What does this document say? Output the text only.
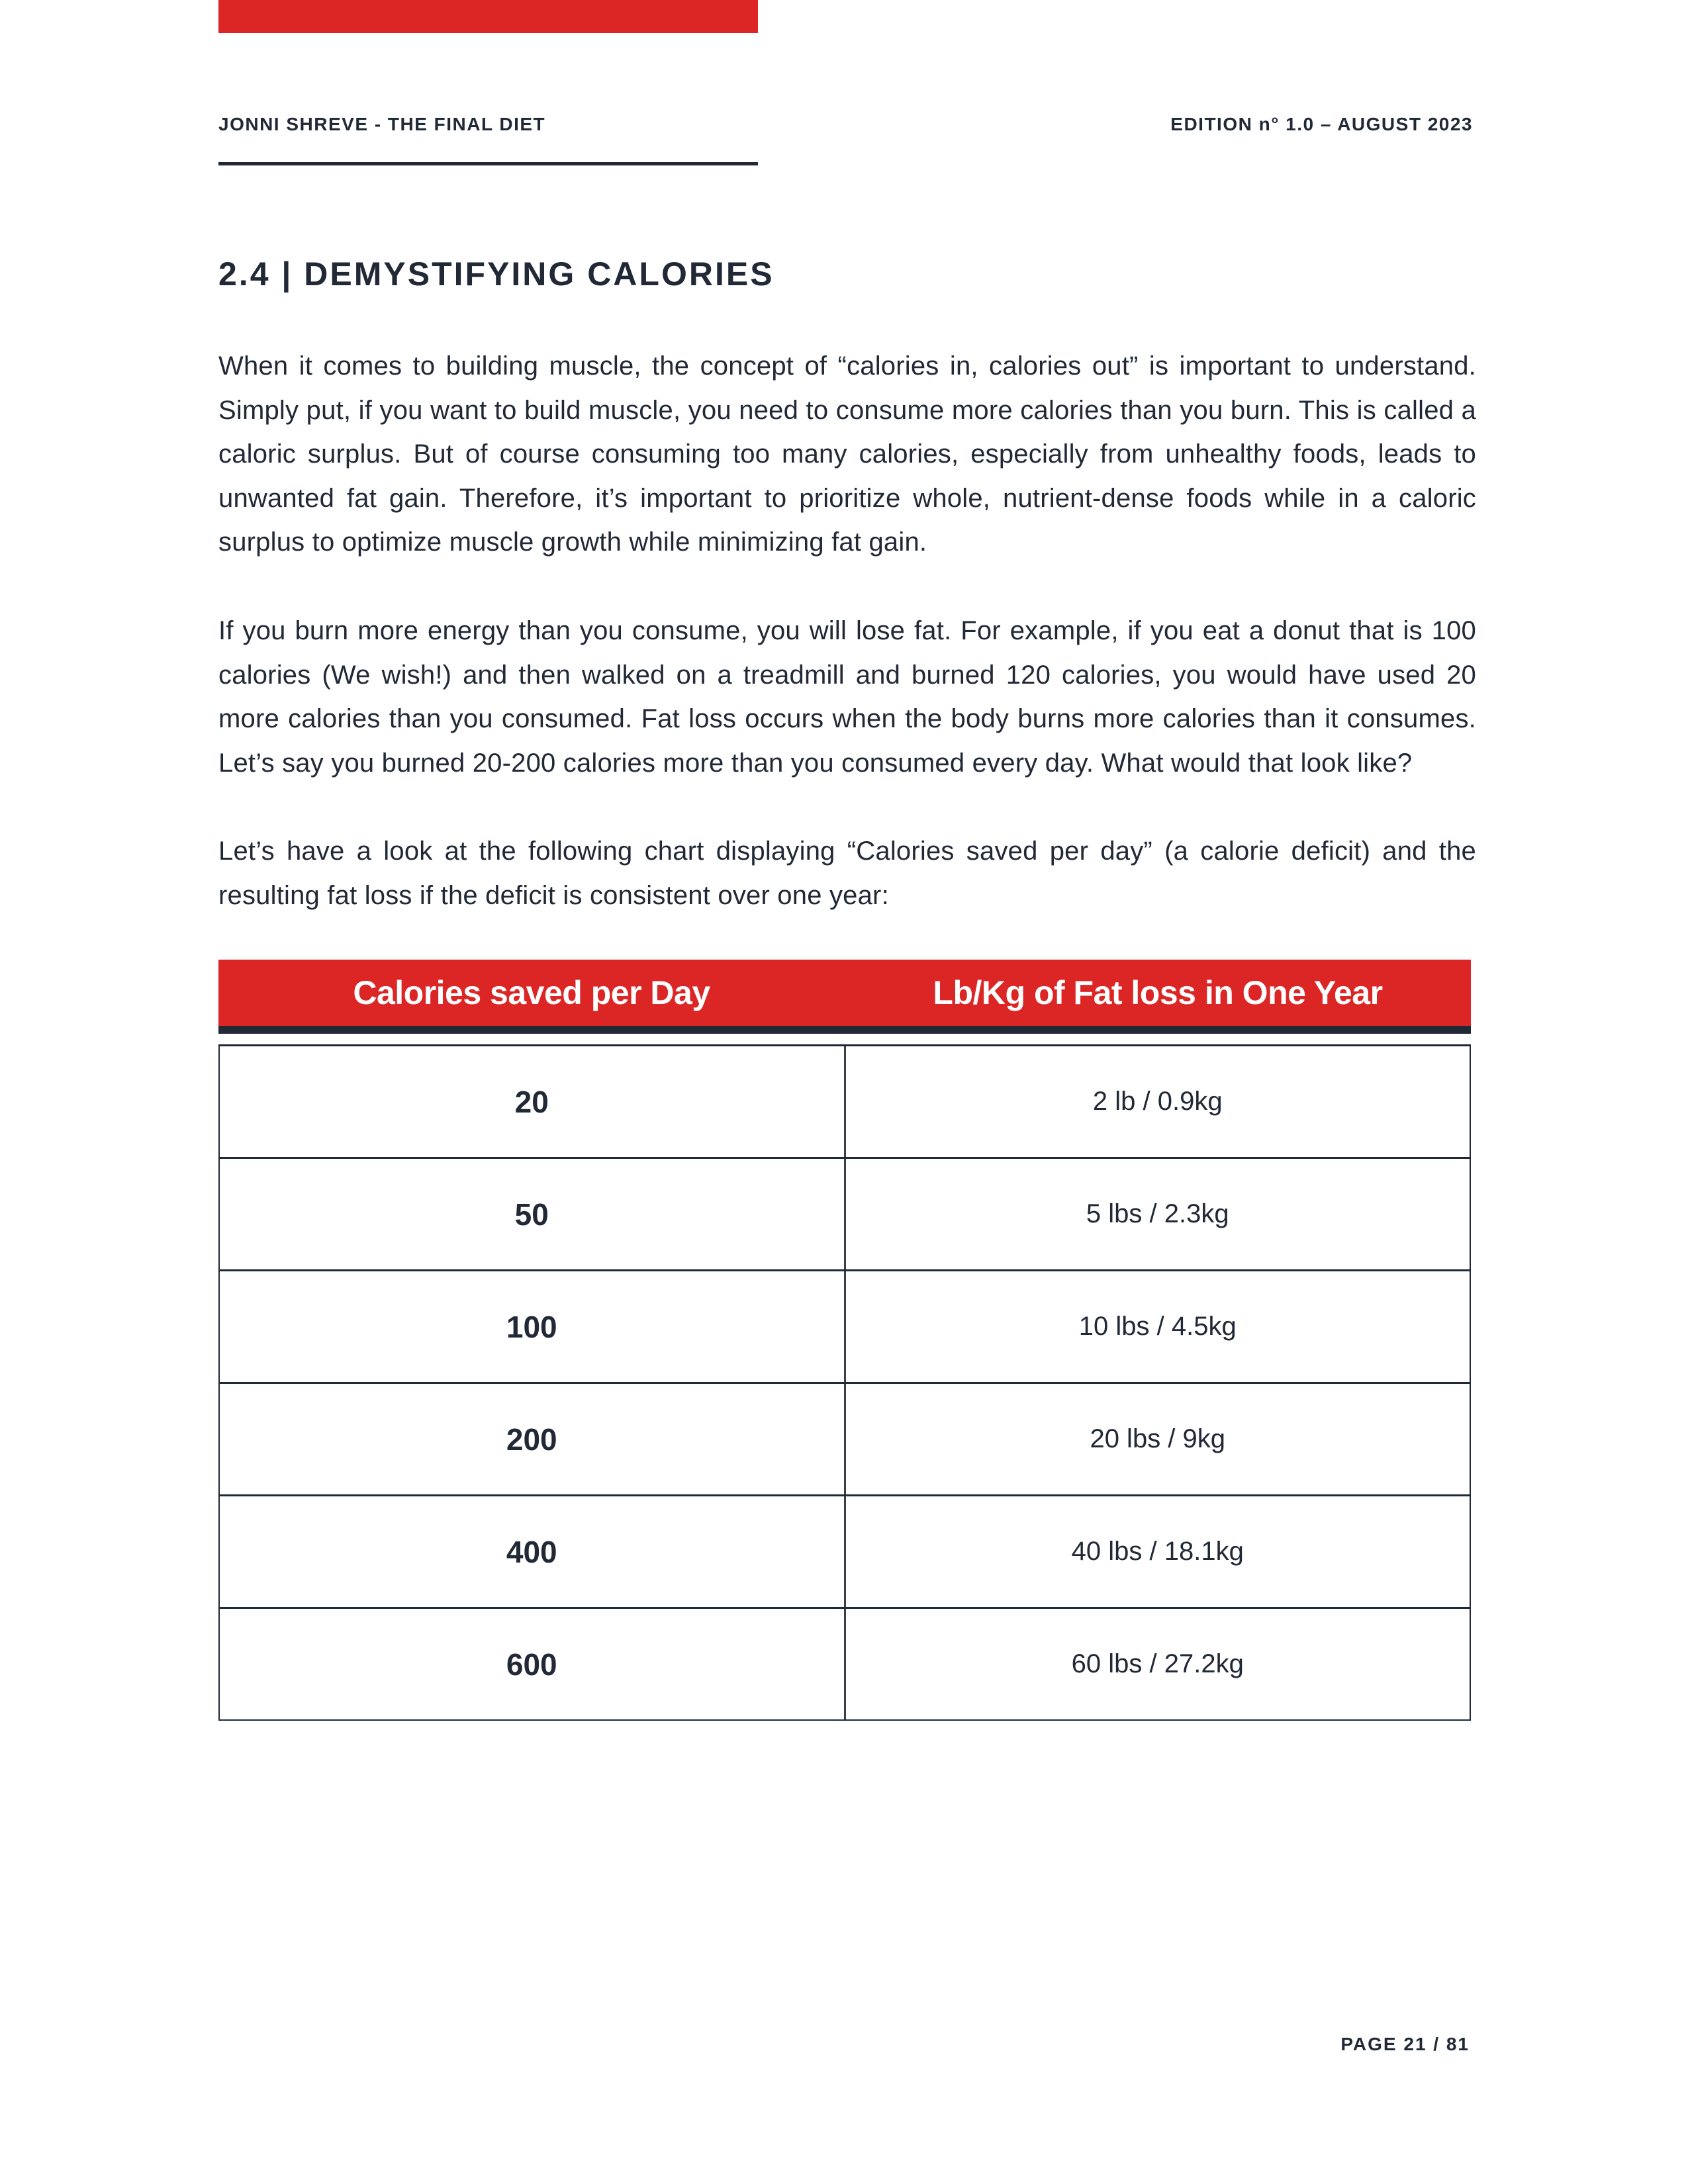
JONNI SHREVE - THE FINAL DIET	EDITION n° 1.0 – AUGUST 2023
2.4 | DEMYSTIFYING CALORIES

When it comes to building muscle, the concept of “calories in, calories out” is important to understand. Simply put, if you want to build muscle, you need to consume more calories than you burn. This is called a caloric surplus. But of course consuming too many calories, especially from unhealthy foods, leads to unwanted fat gain. Therefore, it’s important to prioritize whole, nutrient-dense foods while in a caloric surplus to optimize muscle growth while minimizing fat gain.

If you burn more energy than you consume, you will lose fat. For example, if you eat a donut that is 100 calories (We wish!) and then walked on a treadmill and burned 120 calories, you would have used 20 more calories than you consumed. Fat loss occurs when the body burns more calories than it consumes. Let’s say you burned 20-200 calories more than you consumed every day. What would that look like?

Let’s have a look at the following chart displaying “Calories saved per day” (a calorie deficit) and the resulting fat loss if the deficit is consistent over one year:

Calories saved per Day	Lb/Kg of Fat loss in One Year
20	2 lb / 0.9kg
50	5 lbs / 2.3kg
100	10 lbs / 4.5kg
200	20 lbs / 9kg
400	40 lbs / 18.1kg
600	60 lbs / 27.2kg
PAGE 21 / 81
